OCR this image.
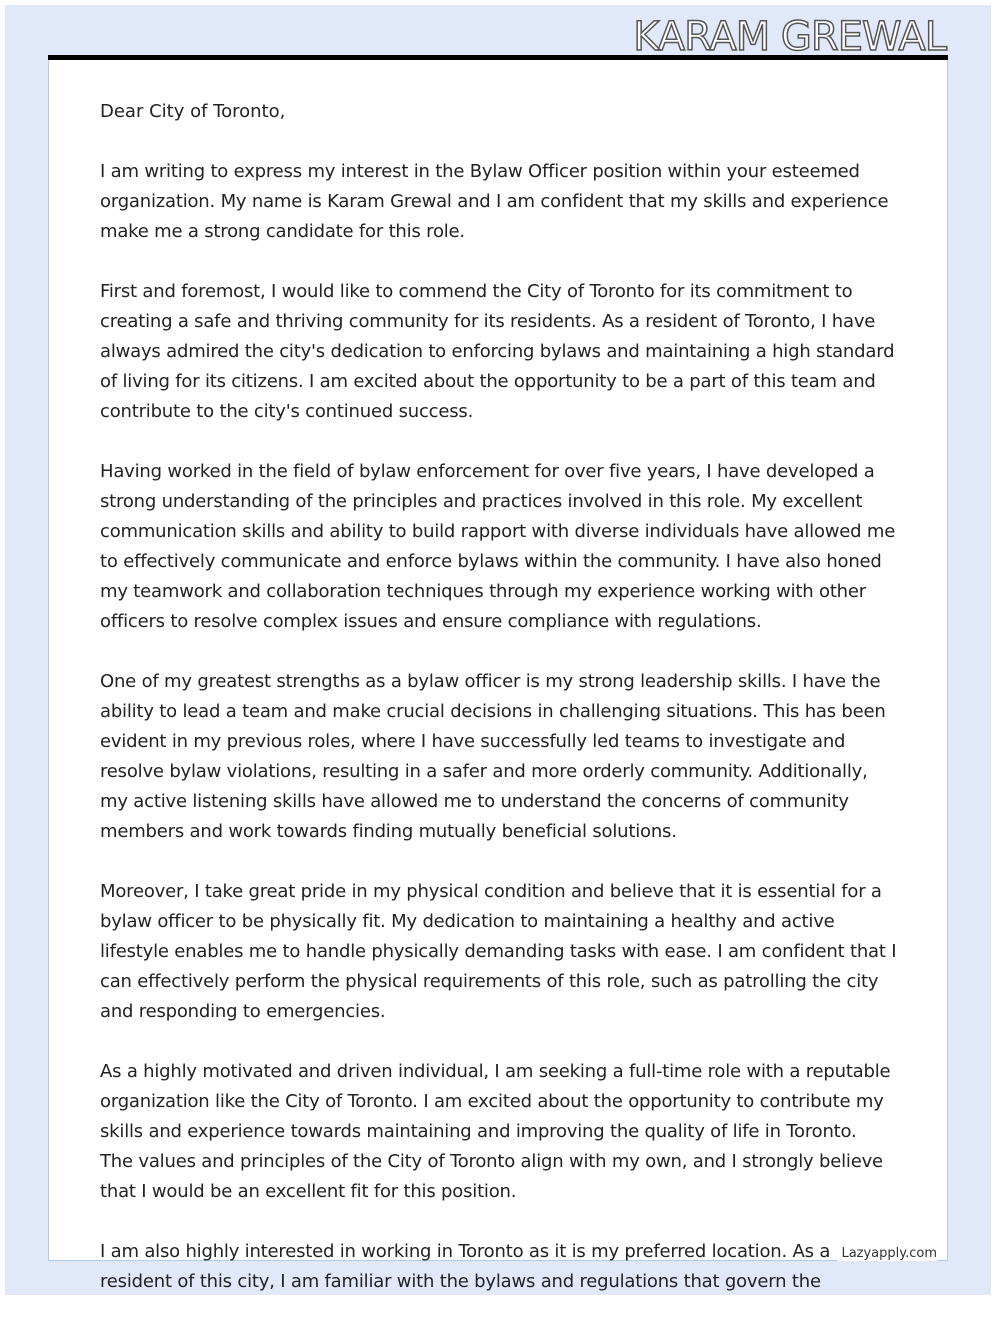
KARAM GREWAL
Dear City of Toronto,
I am writing to express my interest in the Bylaw Officer position within your esteemed
organization. My name is Karam Grewal and I am confident that my skills and experience
make me a strong candidate for this role.
First and foremost, I would like to commend the City of Toronto for its commitment to
creating a safe and thriving community for its residents. As a resident of Toronto, I have
always admired the city's dedication to enforcing bylaws and maintaining a high standard
of living for its citizens. I am excited about the opportunity to be a part of this team and
contribute to the city's continued success.
Having worked in the field of bylaw enforcement for over five years, I have developed a
strong understanding of the principles and practices involved in this role. My excellent
communication skills and ability to build rapport with diverse individuals have allowed me
to effectively communicate and enforce bylaws within the community. I have also honed
my teamwork and collaboration techniques through my experience working with other
officers to resolve complex issues and ensure compliance with regulations.
One of my greatest strengths as a bylaw officer is my strong leadership skills. I have the
ability to lead a team and make crucial decisions in challenging situations. This has been
evident in my previous roles, where I have successfully led teams to investigate and
resolve bylaw violations, resulting in a safer and more orderly community. Additionally,
my active listening skills have allowed me to understand the concerns of community
members and work towards finding mutually beneficial solutions.
Moreover, I take great pride in my physical condition and believe that it is essential for a
bylaw officer to be physically fit. My dedication to maintaining a healthy and active
lifestyle enables me to handle physically demanding tasks with ease. I am confident that I
can effectively perform the physical requirements of this role, such as patrolling the city
and responding to emergencies.
As a highly motivated and driven individual, I am seeking a full-time role with a reputable
organization like the City of Toronto. I am excited about the opportunity to contribute my
skills and experience towards maintaining and improving the quality of life in Toronto.
The values and principles of the City of Toronto align with my own, and I strongly believe
that I would be an excellent fit for this position.
I am also highly interested in working in Toronto as it is my preferred location. As a
resident of this city, I am familiar with the bylaws and regulations that govern the
Lazyapply.com
